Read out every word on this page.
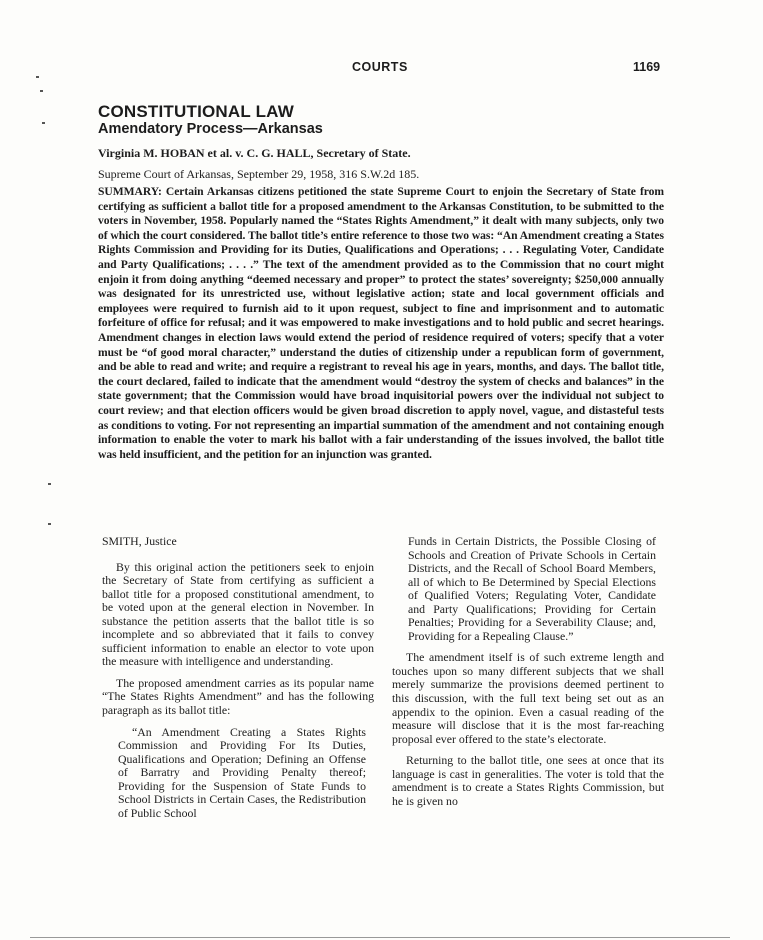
COURTS	1169
CONSTITUTIONAL LAW
Amendatory Process—Arkansas
Virginia M. HOBAN et al. v. C. G. HALL, Secretary of State.
Supreme Court of Arkansas, September 29, 1958, 316 S.W.2d 185.
SUMMARY: Certain Arkansas citizens petitioned the state Supreme Court to enjoin the Secretary of State from certifying as sufficient a ballot title for a proposed amendment to the Arkansas Constitution, to be submitted to the voters in November, 1958. Popularly named the “States Rights Amendment,” it dealt with many subjects, only two of which the court considered. The ballot title’s entire reference to those two was: “An Amendment creating a States Rights Commission and Providing for its Duties, Qualifications and Operations; . . . Regulating Voter, Candidate and Party Qualifications; . . . .” The text of the amendment provided as to the Commission that no court might enjoin it from doing anything “deemed necessary and proper” to protect the states’ sovereignty; $250,000 annually was designated for its unrestricted use, without legislative action; state and local government officials and employees were required to furnish aid to it upon request, subject to fine and imprisonment and to automatic forfeiture of office for refusal; and it was empowered to make investigations and to hold public and secret hearings. Amendment changes in election laws would extend the period of residence required of voters; specify that a voter must be “of good moral character,” understand the duties of citizenship under a republican form of government, and be able to read and write; and require a registrant to reveal his age in years, months, and days. The ballot title, the court declared, failed to indicate that the amendment would “destroy the system of checks and balances” in the state government; that the Commission would have broad inquisitorial powers over the individual not subject to court review; and that election officers would be given broad discretion to apply novel, vague, and distasteful tests as conditions to voting. For not representing an impartial summation of the amendment and not containing enough information to enable the voter to mark his ballot with a fair understanding of the issues involved, the ballot title was held insufficient, and the petition for an injunction was granted.

SMITH, Justice

By this original action the petitioners seek to enjoin the Secretary of State from certifying as sufficient a ballot title for a proposed constitutional amendment, to be voted upon at the general election in November. In substance the petition asserts that the ballot title is so incomplete and so abbreviated that it fails to convey sufficient information to enable an elector to vote upon the measure with intelligence and understanding.

The proposed amendment carries as its popular name “The States Rights Amendment” and has the following paragraph as its ballot title:

“An Amendment Creating a States Rights Commission and Providing For Its Duties, Qualifications and Operation; Defining an Offense of Barratry and Providing Penalty thereof; Providing for the Suspension of State Funds to School Districts in Certain Cases, the Redistribution of Public School

Funds in Certain Districts, the Possible Closing of Schools and Creation of Private Schools in Certain Districts, and the Recall of School Board Members, all of which to Be Determined by Special Elections of Qualified Voters; Regulating Voter, Candidate and Party Qualifications; Providing for Certain Penalties; Providing for a Severability Clause; and, Providing for a Repealing Clause.”

The amendment itself is of such extreme length and touches upon so many different subjects that we shall merely summarize the provisions deemed pertinent to this discussion, with the full text being set out as an appendix to the opinion. Even a casual reading of the measure will disclose that it is the most far-reaching proposal ever offered to the state’s electorate.

Returning to the ballot title, one sees at once that its language is cast in generalities. The voter is told that the amendment is to create a States Rights Commission, but he is given no
